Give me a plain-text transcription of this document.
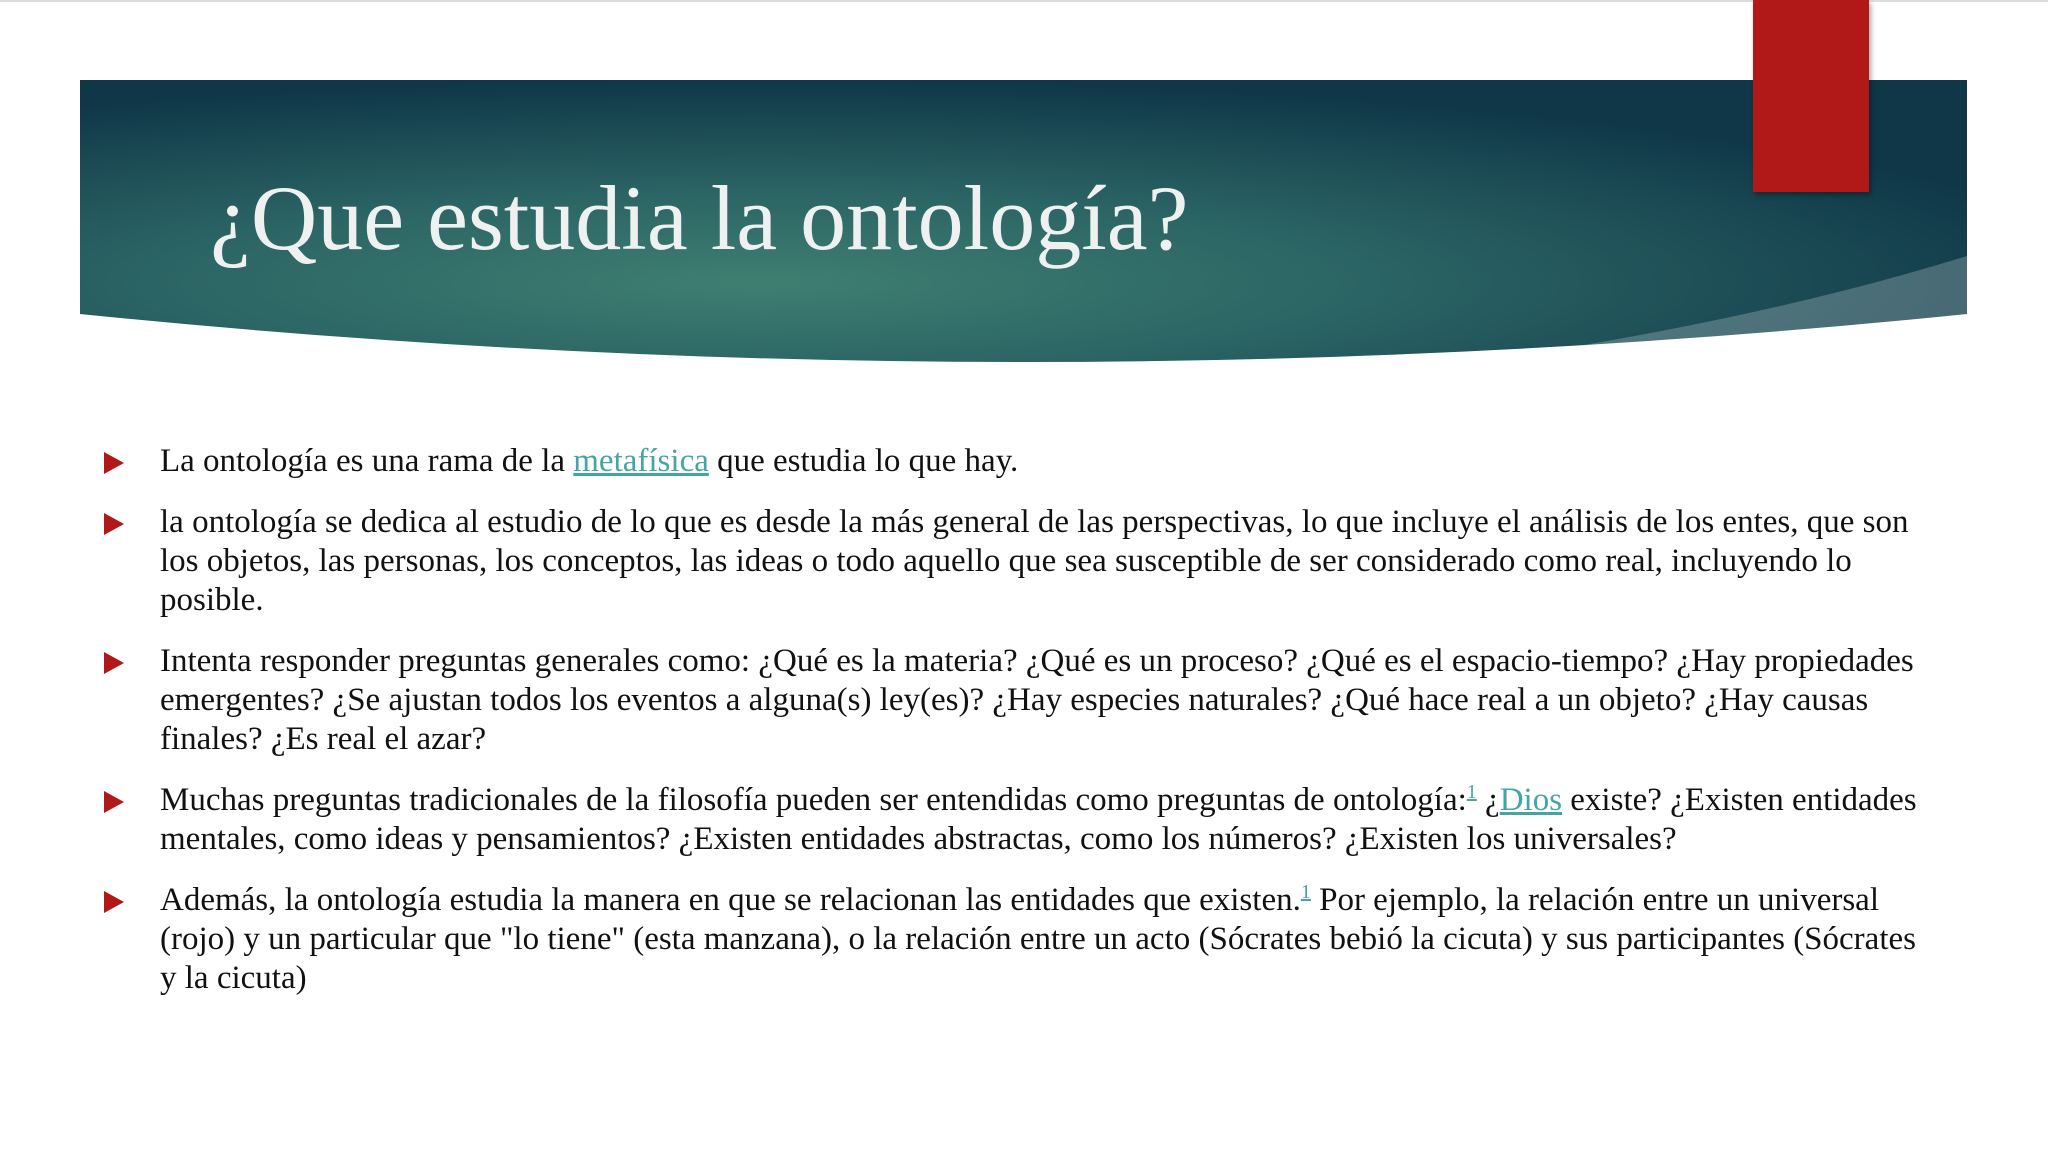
¿Que estudia la ontología?
La ontología es una rama de la metafísica que estudia lo que hay.
la ontología se dedica al estudio de lo que es desde la más general de las perspectivas, lo que incluye el análisis de los entes, que son los objetos, las personas, los conceptos, las ideas o todo aquello que sea susceptible de ser considerado como real, incluyendo lo posible.
Intenta responder preguntas generales como: ¿Qué es la materia? ¿Qué es un proceso? ¿Qué es el espacio-tiempo? ¿Hay propiedades emergentes? ¿Se ajustan todos los eventos a alguna(s) ley(es)? ¿Hay especies naturales? ¿Qué hace real a un objeto? ¿Hay causas finales? ¿Es real el azar?
Muchas preguntas tradicionales de la filosofía pueden ser entendidas como preguntas de ontología:$^1$ ¿Dios existe? ¿Existen entidades mentales, como ideas y pensamientos? ¿Existen entidades abstractas, como los números? ¿Existen los universales?
Además, la ontología estudia la manera en que se relacionan las entidades que existen.$^1$ Por ejemplo, la relación entre un universal (rojo) y un particular que "lo tiene" (esta manzana), o la relación entre un acto (Sócrates bebió la cicuta) y sus participantes (Sócrates y la cicuta)
